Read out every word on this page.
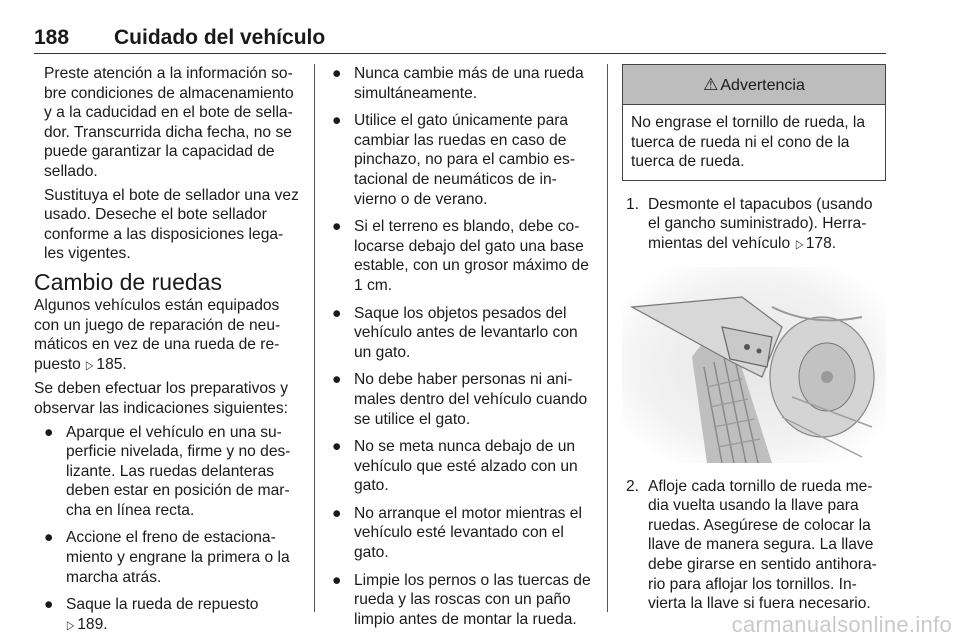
188 Cuidado del vehículo

Preste atención a la información so-bre condiciones de almacenamiento y a la caducidad en el bote de sella-dor. Transcurrida dicha fecha, no se puede garantizar la capacidad de sellado.

Sustituya el bote de sellador una vez usado. Deseche el bote sellador conforme a las disposiciones lega-les vigentes.

Cambio de ruedas

Algunos vehículos están equipados con un juego de reparación de neu-máticos en vez de una rueda de re-puesto ▷ 185.

Se deben efectuar los preparativos y observar las indicaciones siguientes:

● Aparque el vehículo en una su-perficie nivelada, firme y no des-lizante. Las ruedas delanteras deben estar en posición de mar-cha en línea recta.
● Accione el freno de estaciona-miento y engrane la primera o la marcha atrás.
● Saque la rueda de repuesto
▷ 189.
● Nunca cambie más de una rueda simultáneamente.
● Utilice el gato únicamente para cambiar las ruedas en caso de pinchazo, no para el cambio es-tacional de neumáticos de in-vierno o de verano.
● Si el terreno es blando, debe co-locarse debajo del gato una base estable, con un grosor máximo de 1 cm.
● Saque los objetos pesados del vehículo antes de levantarlo con un gato.
● No debe haber personas ni ani-males dentro del vehículo cuando se utilice el gato.
● No se meta nunca debajo de un vehículo que esté alzado con un gato.
● No arranque el motor mientras el vehículo esté levantado con el gato.
● Limpie los pernos o las tuercas de rueda y las roscas con un paño limpio antes de montar la rueda.
⚠ Advertencia
No engrase el tornillo de rueda, la tuerca de rueda ni el cono de la tuerca de rueda.
1. Desmonte el tapacubos (usando el gancho suministrado). Herra-mientas del vehículo ▷ 178.
2. Afloje cada tornillo de rueda me-dia vuelta usando la llave para ruedas. Asegúrese de colocar la llave de manera segura. La llave debe girarse en sentido antihora-rio para aflojar los tornillos. In-vierta la llave si fuera necesario.
carmanualsonline.info
